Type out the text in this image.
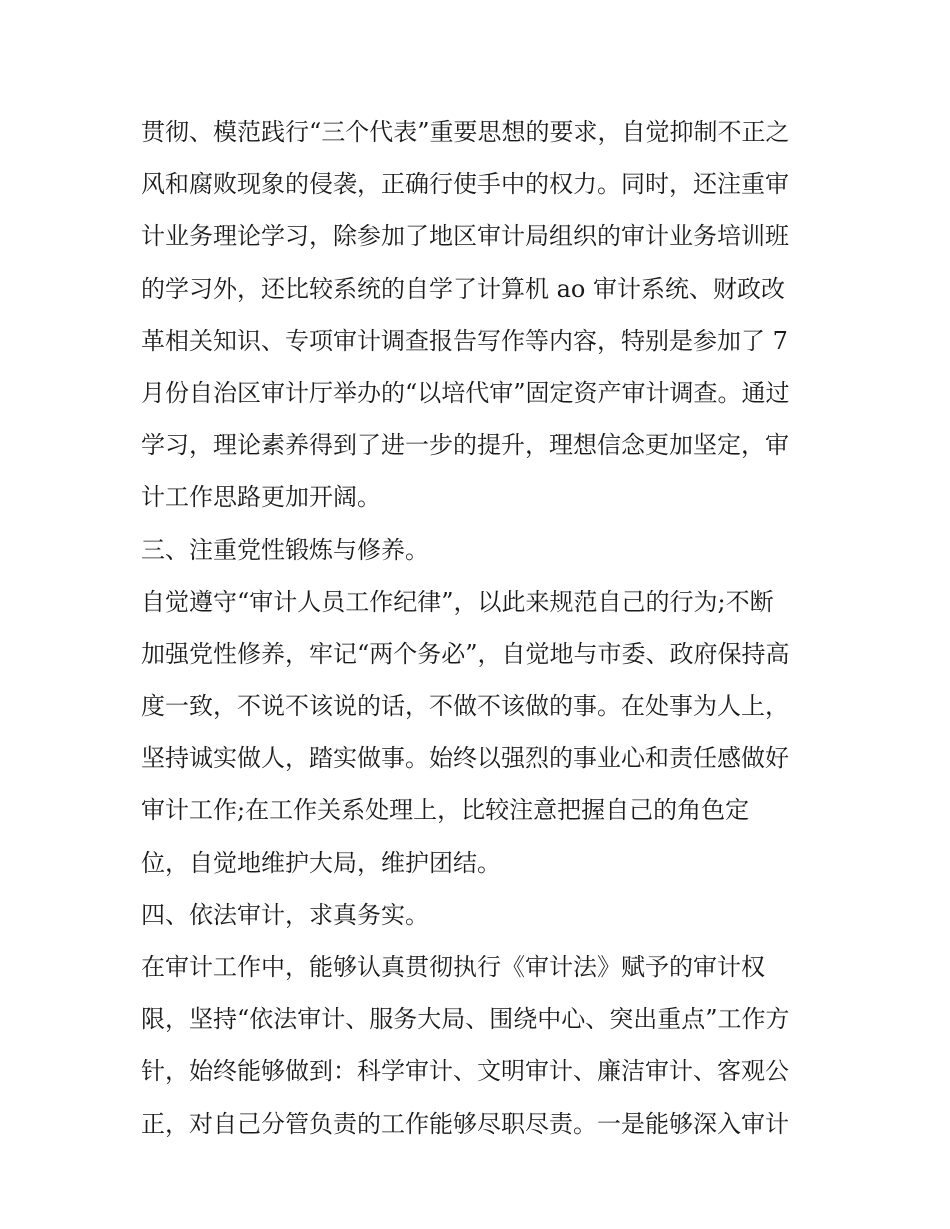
贯彻、模范践行“三个代表”重要思想的要求，自觉抑制不正之
风和腐败现象的侵袭，正确行使手中的权力。同时，还注重审
计业务理论学习，除参加了地区审计局组织的审计业务培训班
的学习外，还比较系统的自学了计算机 ao 审计系统、财政改
革相关知识、专项审计调查报告写作等内容，特别是参加了 7
月份自治区审计厅举办的“以培代审”固定资产审计调查。通过
学习，理论素养得到了进一步的提升，理想信念更加坚定，审
计工作思路更加开阔。
三、注重党性锻炼与修养。
自觉遵守“审计人员工作纪律”，以此来规范自己的行为;不断
加强党性修养，牢记“两个务必”，自觉地与市委、政府保持高
度一致，不说不该说的话，不做不该做的事。在处事为人上，
坚持诚实做人，踏实做事。始终以强烈的事业心和责任感做好
审计工作;在工作关系处理上，比较注意把握自己的角色定
位，自觉地维护大局，维护团结。
四、依法审计，求真务实。
在审计工作中，能够认真贯彻执行《审计法》赋予的审计权
限，坚持“依法审计、服务大局、围绕中心、突出重点”工作方
针，始终能够做到：科学审计、文明审计、廉洁审计、客观公
正，对自己分管负责的工作能够尽职尽责。一是能够深入审计
